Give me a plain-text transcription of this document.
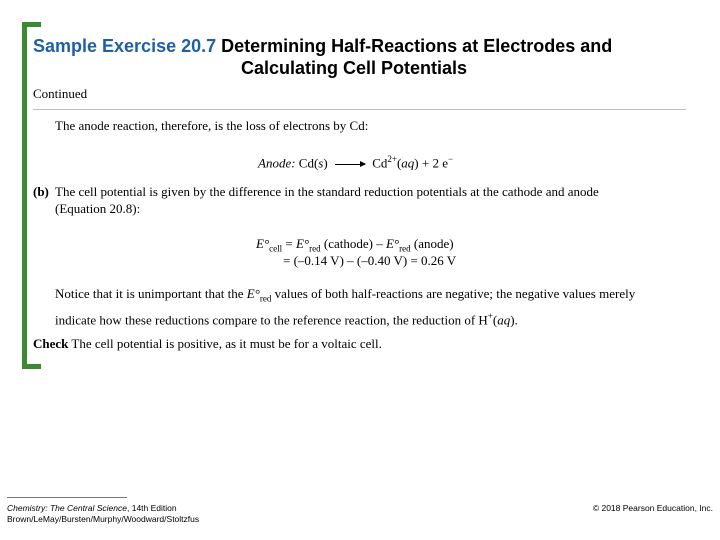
Sample Exercise 20.7 Determining Half-Reactions at Electrodes and
Calculating Cell Potentials
Continued
The anode reaction, therefore, is the loss of electrons by Cd:
Anode: $Cd(s) \to Cd^{2+}(aq) + 2$ e−
(b) The cell potential is given by the difference in the standard reduction potentials at the cathode and anode
(Equation 20.8):
$E^\circ_{cell} = E^\circ_{red}$ (cathode) – $E^\circ_{red}$ (anode)
= (–0.14 V) – (–0.40 V) = 0.26 V
Notice that it is unimportant that the $E^\circ_{red}$ values of both half-reactions are negative; the negative values merely
indicate how these reductions compare to the reference reaction, the reduction of H+(aq).
Check The cell potential is positive, as it must be for a voltaic cell.
Chemistry: The Central Science, 14th Edition
Brown/LeMay/Bursten/Murphy/Woodward/Stoltzfus
© 2018 Pearson Education, Inc.
